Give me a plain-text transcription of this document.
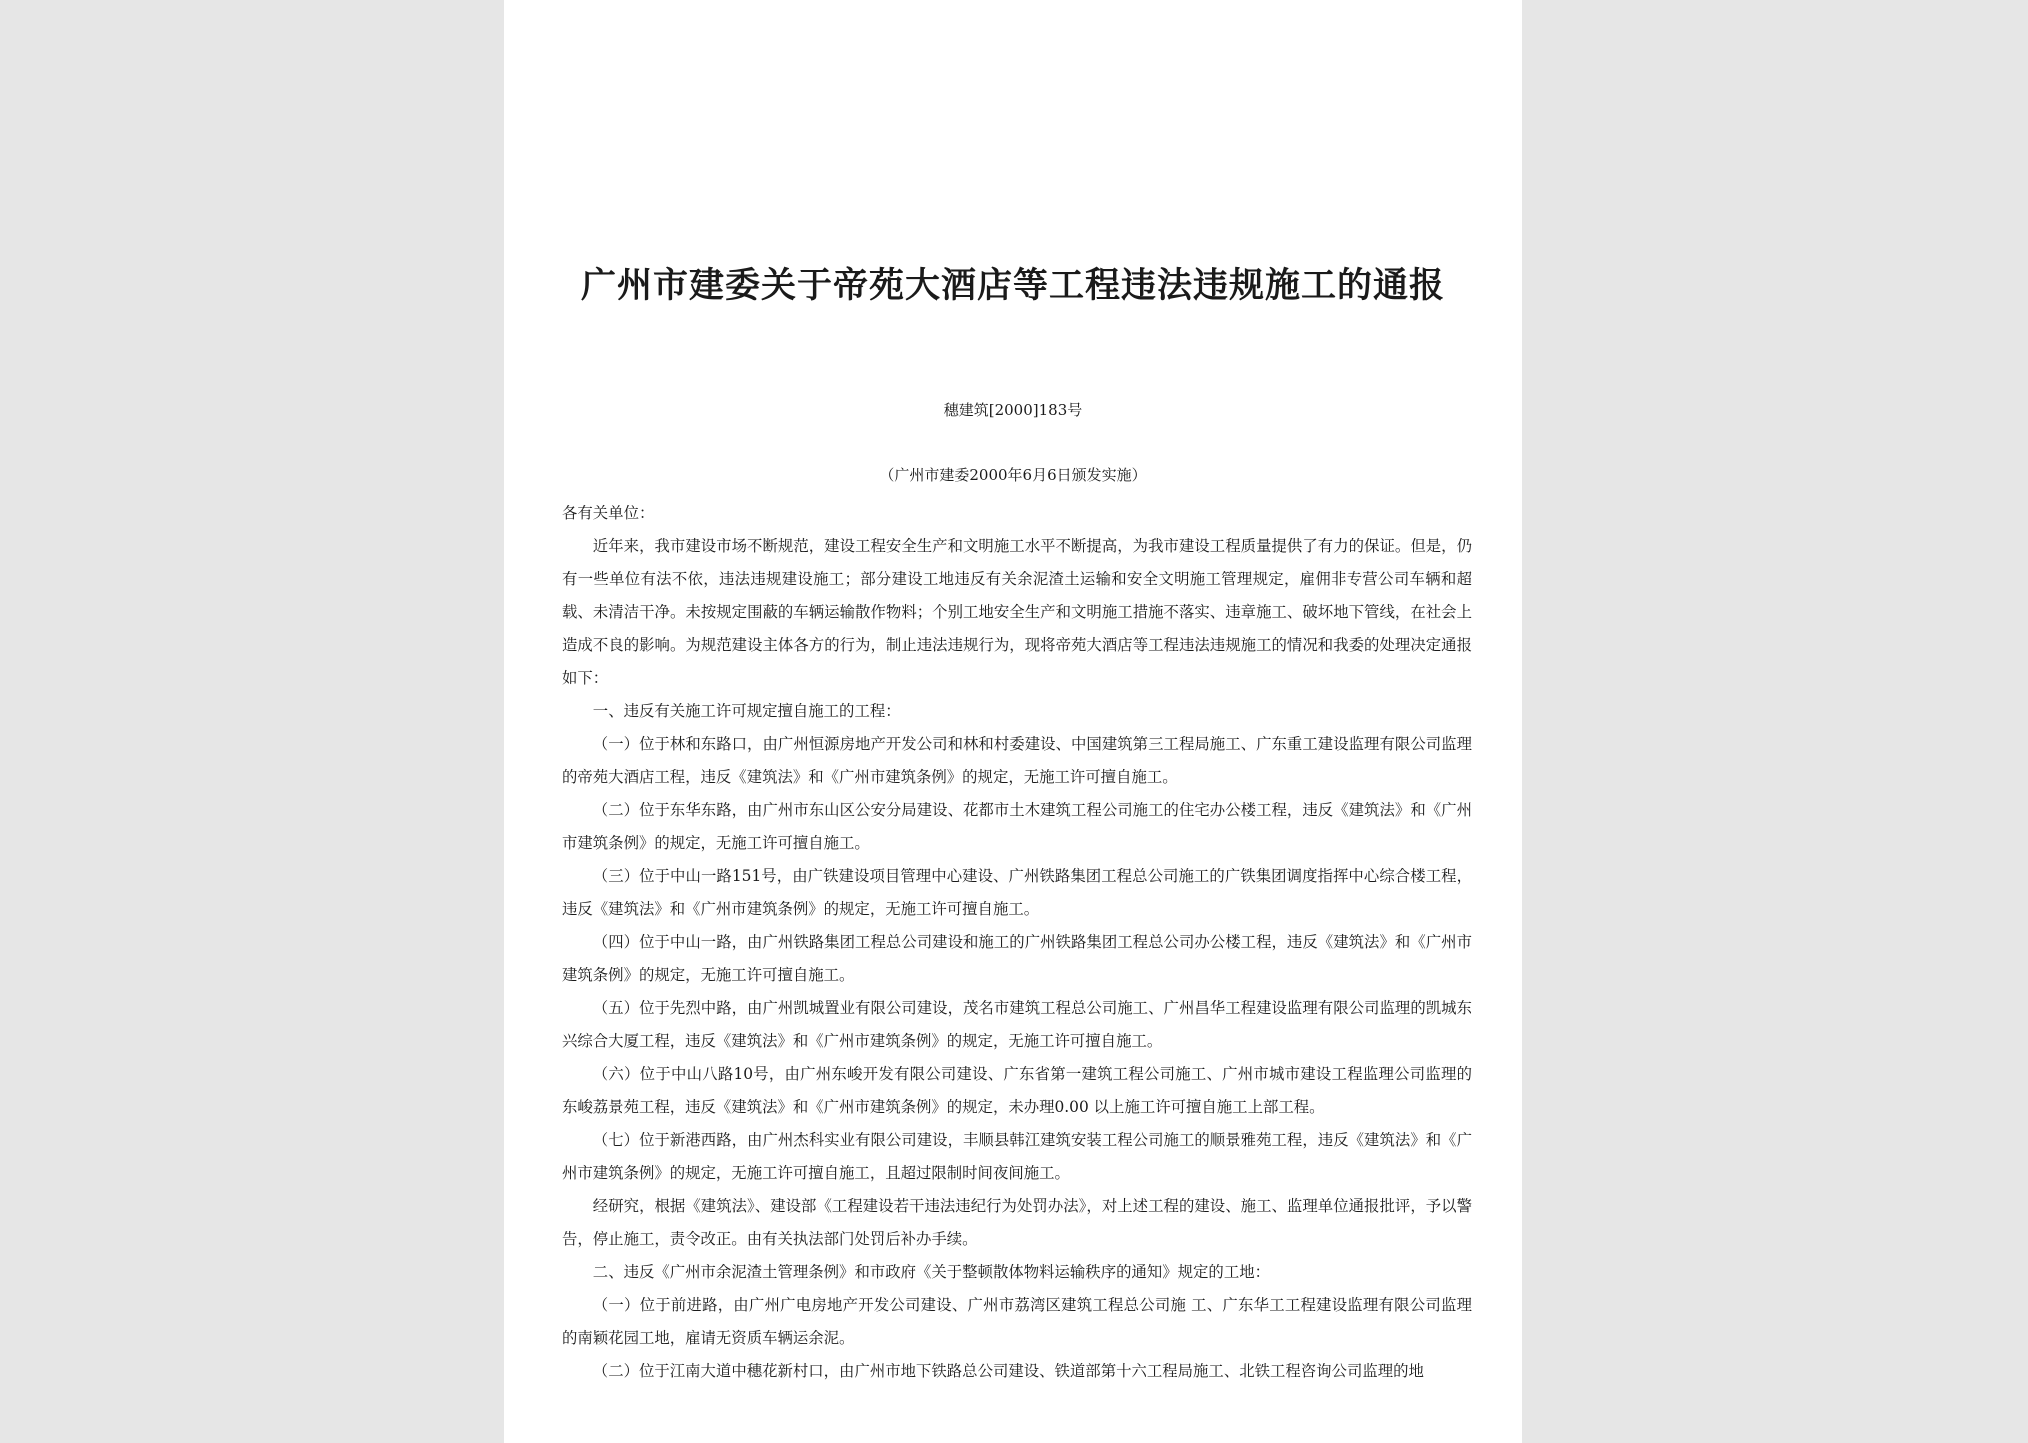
广州市建委关于帝苑大酒店等工程违法违规施工的通报
穗建筑[2000]183号
（广州市建委2000年6月6日颁发实施）

各有关单位：

近年来，我市建设市场不断规范，建设工程安全生产和文明施工水平不断提高，为我市建设工程质量提供了有力的保证。但是，仍有一些单位有法不依，违法违规建设施工；部分建设工地违反有关余泥渣土运输和安全文明施工管理规定，雇佣非专营公司车辆和超载、未清洁干净。未按规定围蔽的车辆运输散作物料；个别工地安全生产和文明施工措施不落实、违章施工、破坏地下管线，在社会上造成不良的影响。为规范建设主体各方的行为，制止违法违规行为，现将帝苑大酒店等工程违法违规施工的情况和我委的处理决定通报如下：

一、违反有关施工许可规定擅自施工的工程：

（一）位于林和东路口，由广州恒源房地产开发公司和林和村委建设、中国建筑第三工程局施工、广东重工建设监理有限公司监理的帝苑大酒店工程，违反《建筑法》和《广州市建筑条例》的规定，无施工许可擅自施工。

（二）位于东华东路，由广州市东山区公安分局建设、花都市土木建筑工程公司施工的住宅办公楼工程，违反《建筑法》和《广州市建筑条例》的规定，无施工许可擅自施工。

（三）位于中山一路151号，由广铁建设项目管理中心建设、广州铁路集团工程总公司施工的广铁集团调度指挥中心综合楼工程，违反《建筑法》和《广州市建筑条例》的规定，无施工许可擅自施工。

（四）位于中山一路，由广州铁路集团工程总公司建设和施工的广州铁路集团工程总公司办公楼工程，违反《建筑法》和《广州市建筑条例》的规定，无施工许可擅自施工。

（五）位于先烈中路，由广州凯城置业有限公司建设，茂名市建筑工程总公司施工、广州昌华工程建设监理有限公司监理的凯城东兴综合大厦工程，违反《建筑法》和《广州市建筑条例》的规定，无施工许可擅自施工。

（六）位于中山八路10号，由广州东峻开发有限公司建设、广东省第一建筑工程公司施工、广州市城市建设工程监理公司监理的东峻荔景苑工程，违反《建筑法》和《广州市建筑条例》的规定，未办理0.00 以上施工许可擅自施工上部工程。

（七）位于新港西路，由广州杰科实业有限公司建设，丰顺县韩江建筑安装工程公司施工的顺景雅苑工程，违反《建筑法》和《广州市建筑条例》的规定，无施工许可擅自施工，且超过限制时间夜间施工。

经研究，根据《建筑法》、建设部《工程建设若干违法违纪行为处罚办法》，对上述工程的建设、施工、监理单位通报批评，予以警告，停止施工，责令改正。由有关执法部门处罚后补办手续。

二、违反《广州市余泥渣土管理条例》和市政府《关于整顿散体物料运输秩序的通知》规定的工地：

（一）位于前进路，由广州广电房地产开发公司建设、广州市荔湾区建筑工程总公司施 工、广东华工工程建设监理有限公司监理的南颖花园工地，雇请无资质车辆运余泥。

（二）位于江南大道中穗花新村口，由广州市地下铁路总公司建设、铁道部第十六工程局施工、北铁工程咨询公司监理的地
